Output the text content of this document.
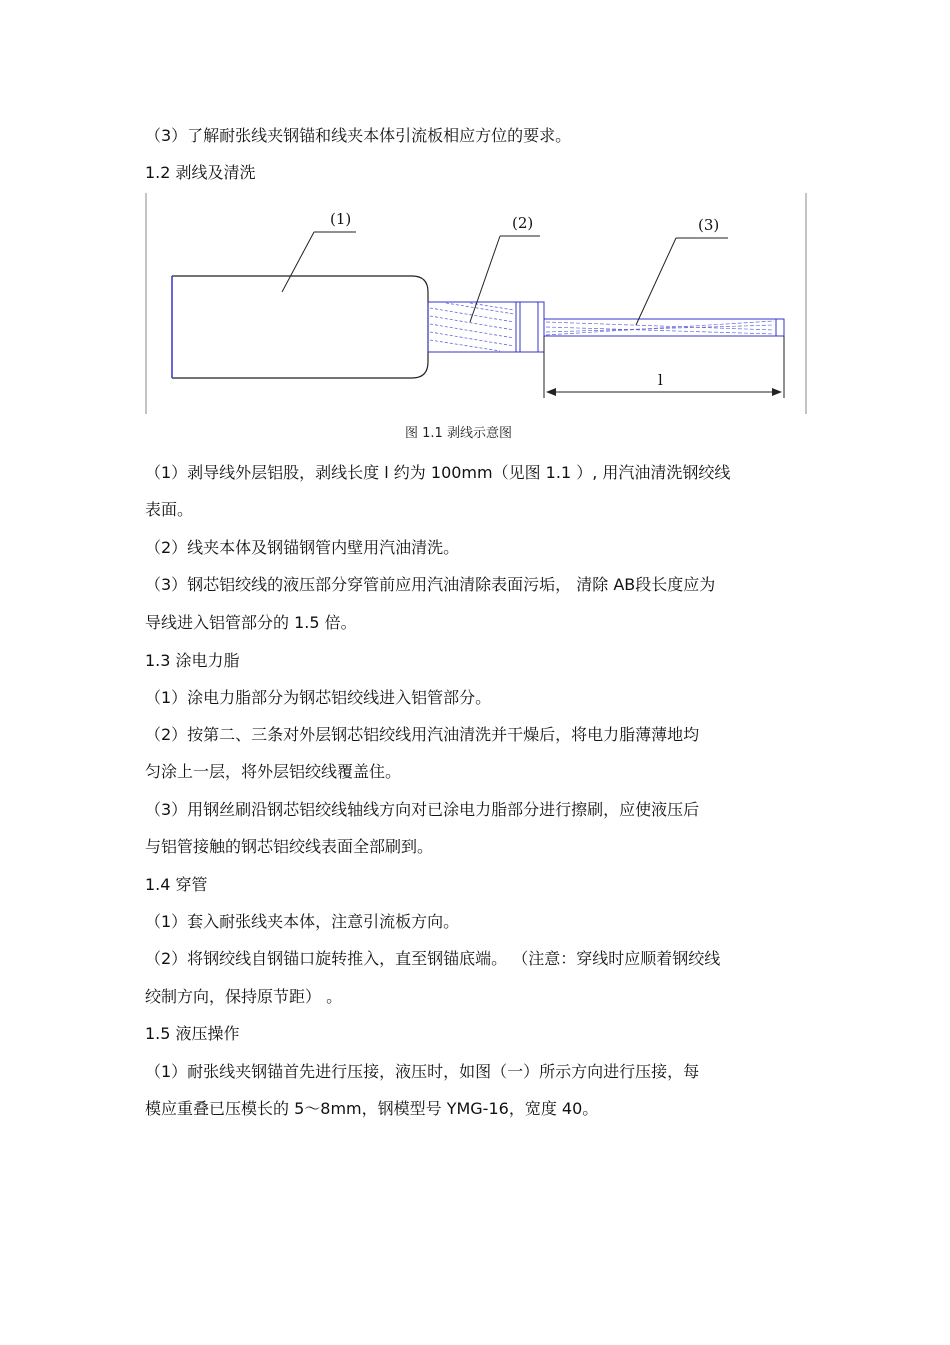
（3）了解耐张线夹钢锚和线夹本体引流板相应方位的要求。
1.2 剥线及清洗
(1)	(2)	(3)
l
图 1.1 剥线示意图
（1）剥导线外层铝股，剥线长度 l 约为 100mm（见图 1.1 ）, 用汽油清洗钢绞线
表面。
（2）线夹本体及钢锚钢管内壁用汽油清洗。
（3）钢芯铝绞线的液压部分穿管前应用汽油清除表面污垢， 清除 AB段长度应为
导线进入铝管部分的 1.5 倍。
1.3 涂电力脂
（1）涂电力脂部分为钢芯铝绞线进入铝管部分。
（2）按第二、三条对外层钢芯铝绞线用汽油清洗并干燥后，将电力脂薄薄地均
匀涂上一层，将外层铝绞线覆盖住。
（3）用钢丝刷沿钢芯铝绞线轴线方向对已涂电力脂部分进行擦刷，应使液压后
与铝管接触的钢芯铝绞线表面全部刷到。
1.4 穿管
（1）套入耐张线夹本体，注意引流板方向。
（2）将钢绞线自钢锚口旋转推入，直至钢锚底端。 （注意：穿线时应顺着钢绞线
绞制方向，保持原节距） 。
1.5 液压操作
（1）耐张线夹钢锚首先进行压接，液压时，如图（一）所示方向进行压接，每
模应重叠已压模长的 5～8mm，钢模型号 YMG-16，宽度 40。
